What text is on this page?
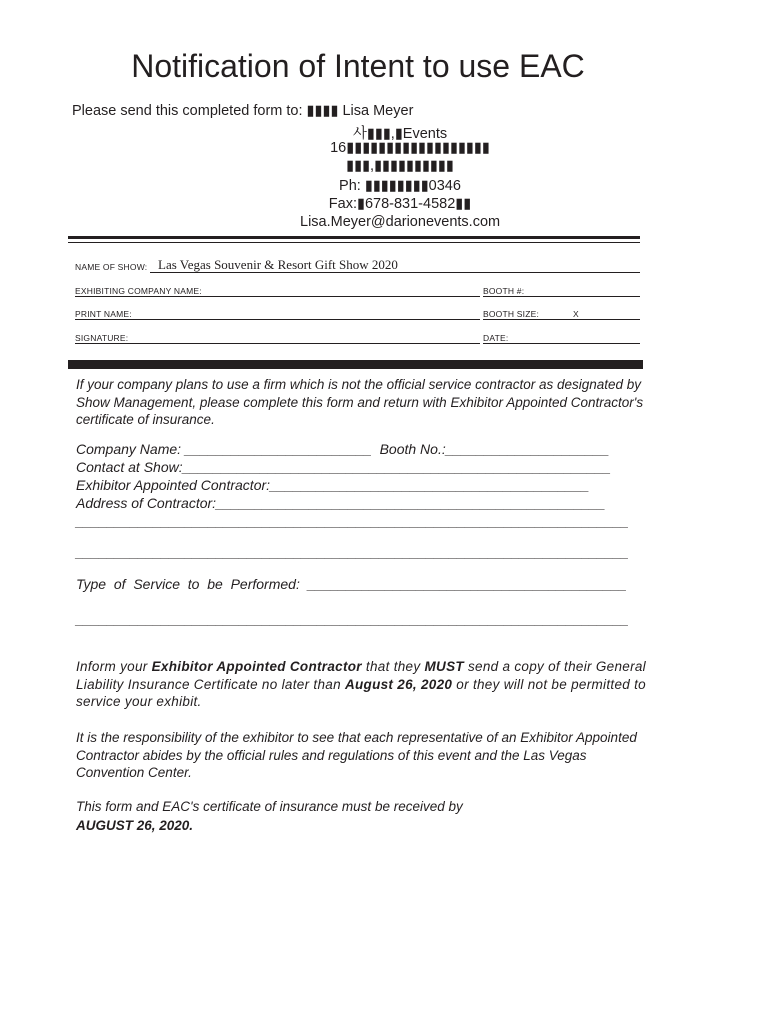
Notification of Intent to use EAC
Please send this completed form to: ▮▮▮▮ Lisa Meyer
사▮▮▮,▮Events
16▮▮▮▮▮▮▮▮▮▮▮▮▮▮▮▮▮▮
▮▮▮,▮▮▮▮▮▮▮▮▮▮
Ph: ▮▮▮▮▮▮▮▮0346
Fax:▮678-831-4582▮▮
Lisa.Meyer@darionevents.com
NAME OF SHOW: Las Vegas Souvenir & Resort Gift Show 2020
EXHIBITING COMPANY NAME:	BOOTH #:
PRINT NAME:	BOOTH SIZE:	X
SIGNATURE:	DATE:
If your company plans to use a firm which is not the official service contractor as designated by Show Management, please complete this form and return with Exhibitor Appointed Contractor's certificate of insurance.
Company Name: ________________________  Booth No.:_____________________
Contact at Show:_______________________________________________________
Exhibitor Appointed Contractor:_________________________________________
Address of Contractor:__________________________________________________
_______________________________________________________________________
_______________________________________________________________________
Type  of  Service  to  be  Performed:  _________________________________________
_______________________________________________________________________
Inform your Exhibitor Appointed Contractor that they MUST send a copy of their General Liability Insurance Certificate no later than August 26, 2020 or they will not be permitted to service your exhibit.
It is the responsibility of the exhibitor to see that each representative of an Exhibitor Appointed Contractor abides by the official rules and regulations of this event and the Las Vegas Convention Center.
This form and EAC's certificate of insurance must be received by
AUGUST 26, 2020.
